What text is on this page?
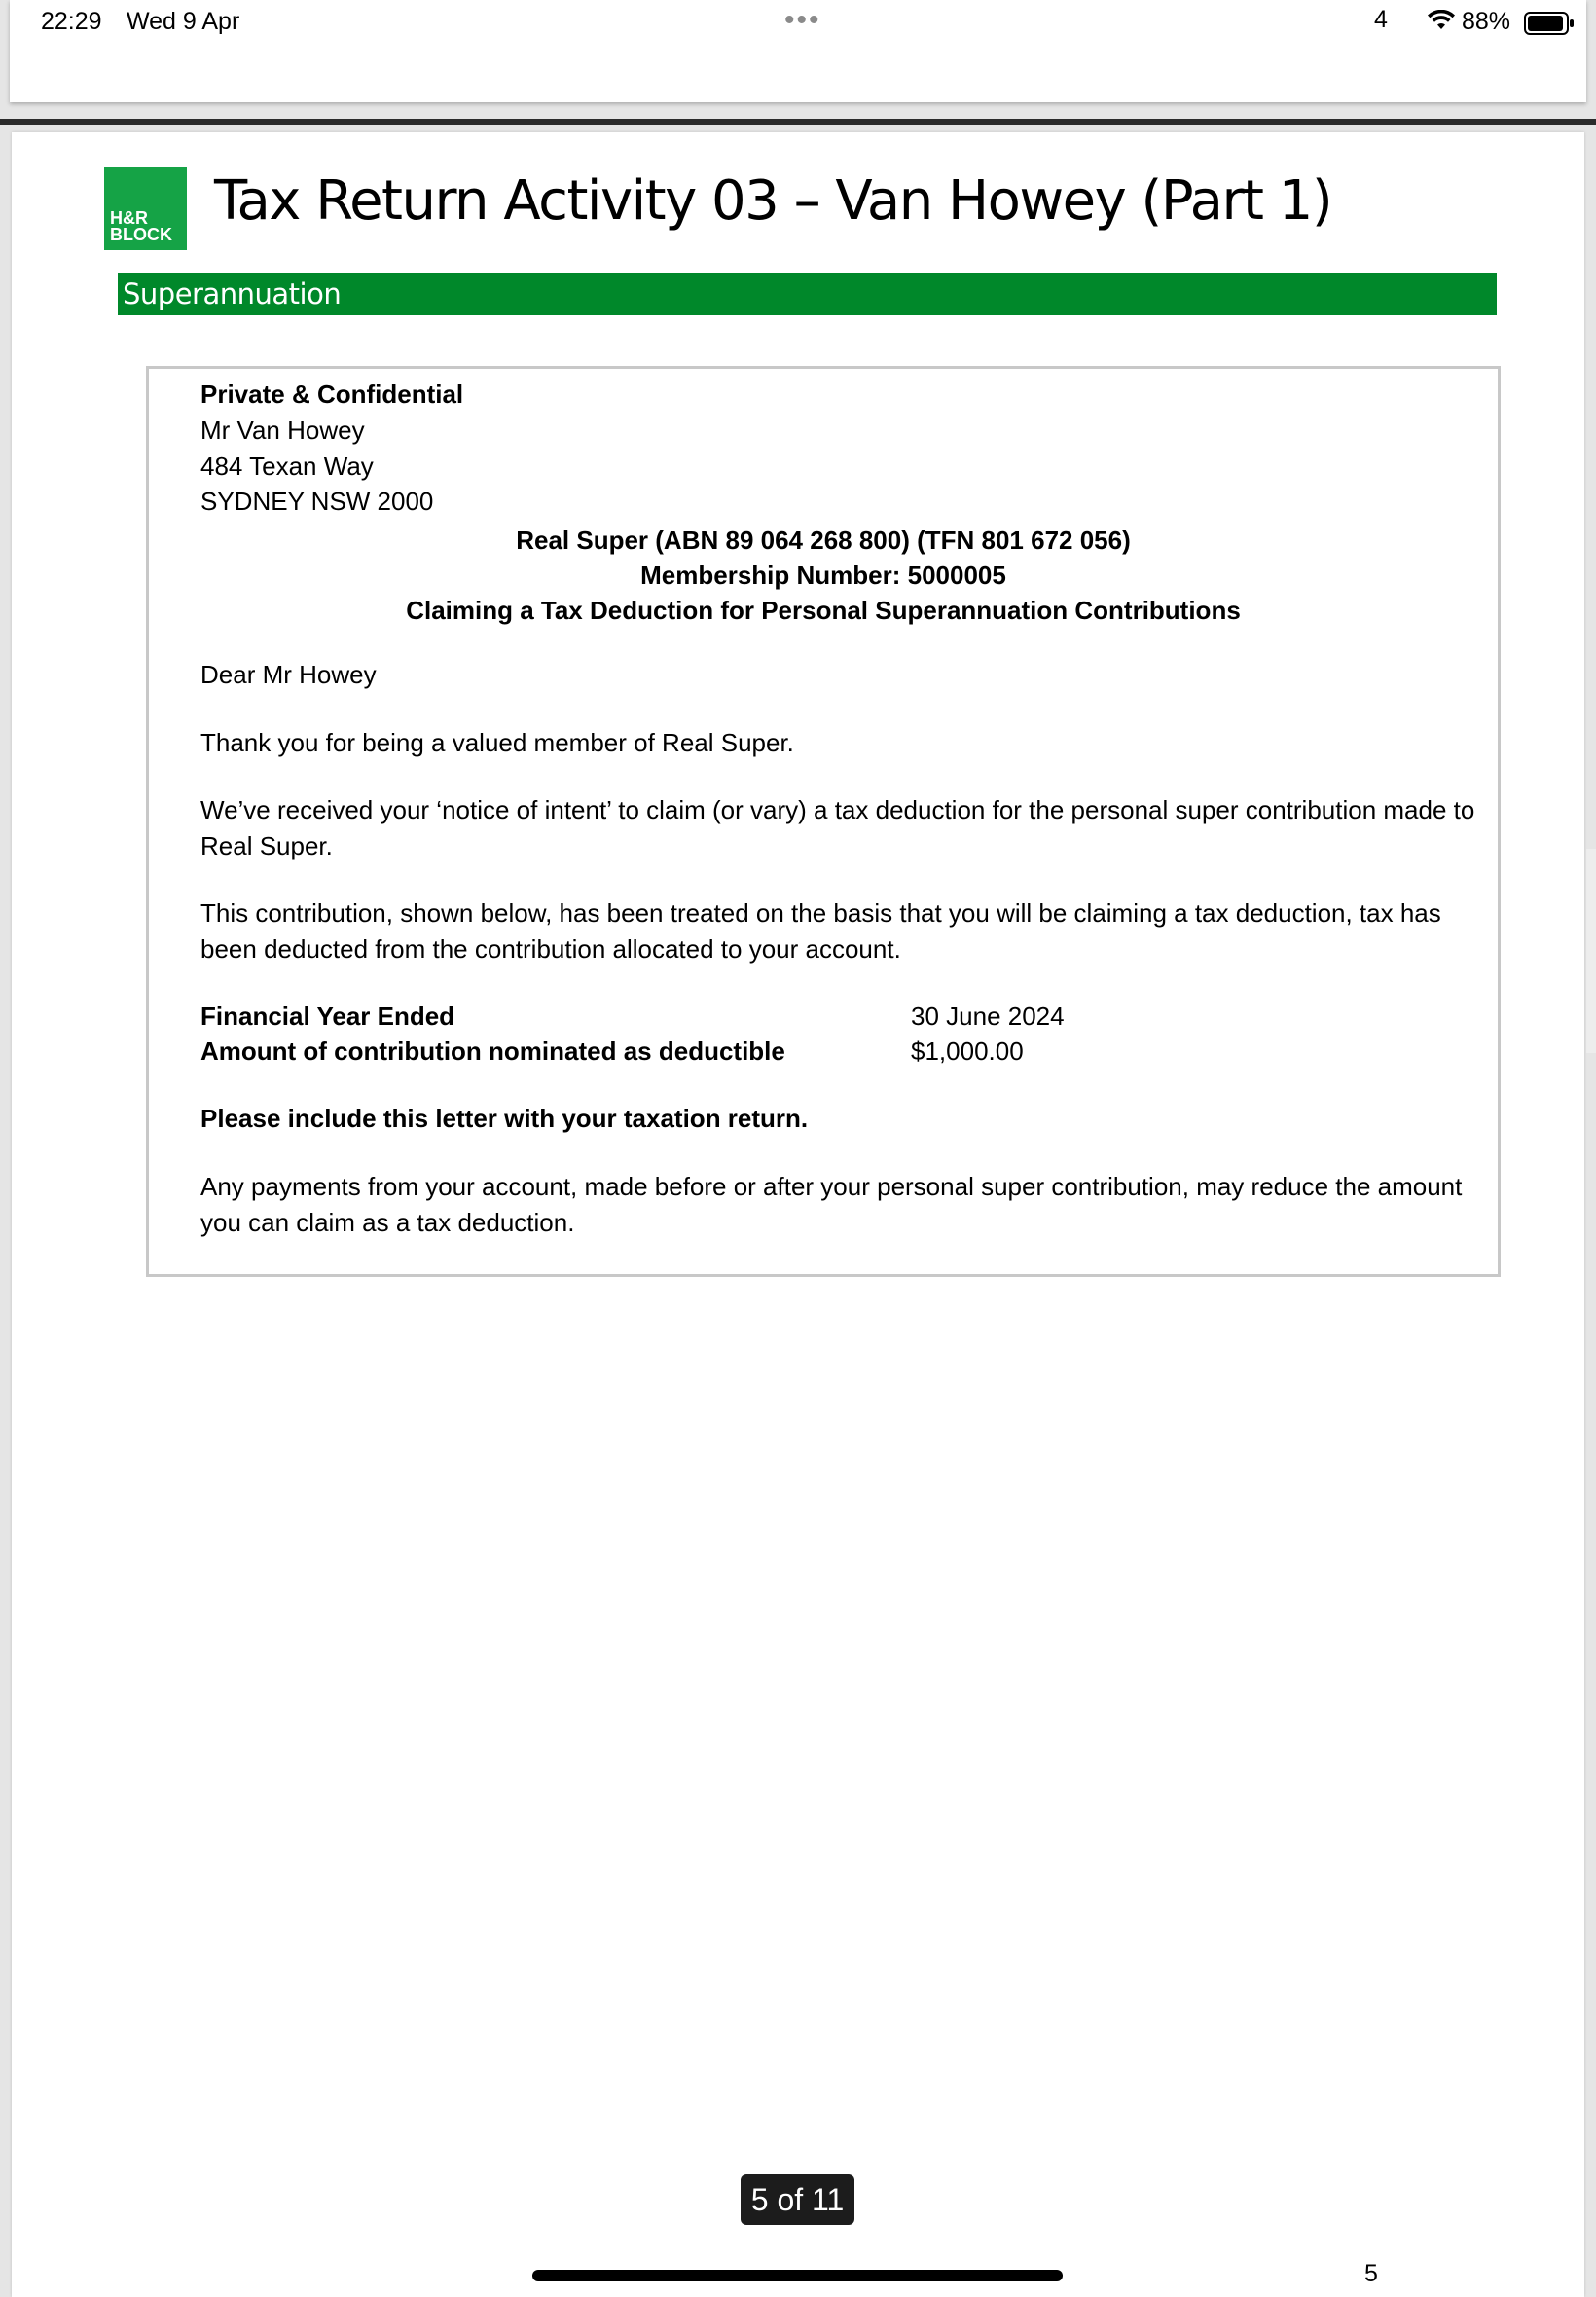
22:29 Wed 9 Apr	•••	4	88%
H&R
BLOCK
Tax Return Activity 03 – Van Howey (Part 1)
Superannuation
Private & Confidential
Mr Van Howey
484 Texan Way
SYDNEY NSW 2000
Real Super (ABN 89 064 268 800) (TFN 801 672 056)
Membership Number: 5000005
Claiming a Tax Deduction for Personal Superannuation Contributions
Dear Mr Howey
Thank you for being a valued member of Real Super.
We’ve received your ‘notice of intent’ to claim (or vary) a tax deduction for the personal super contribution made to Real Super.
This contribution, shown below, has been treated on the basis that you will be claiming a tax deduction, tax has been deducted from the contribution allocated to your account.
Financial Year Ended	30 June 2024
Amount of contribution nominated as deductible	$1,000.00
Please include this letter with your taxation return.
Any payments from your account, made before or after your personal super contribution, may reduce the amount you can claim as a tax deduction.
5 of 11
5
